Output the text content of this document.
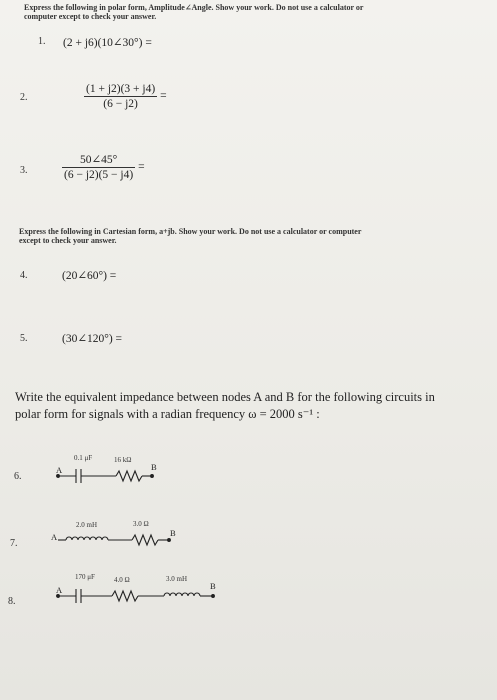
Express the following in polar form, Amplitude∠Angle. Show your work. Do not use a calculator or
computer except to check your answer.
1. (2 + j6)(10∠30°) =
2.	$\frac{(1 + j2)(3 + j4)}{(6 - j2)}$ =
3.	$\frac{50\angle 45^\circ}{(6 - j2)(5 - j4)}$ =
Express the following in Cartesian form, a+jb. Show your work. Do not use a calculator or computer
except to check your answer.
4.	(20∠60°) =
5.	(30∠120°) =
Write the equivalent impedance between nodes A and B for the following circuits in
polar form for signals with a radian frequency ω = 2000 s⁻¹ :
6.
0.1 μF	16 kΩ
A	B
7.
2.0 mH	3.0 Ω
A	B
8.
170 μF	4.0 Ω	3.0 mH
A	B
